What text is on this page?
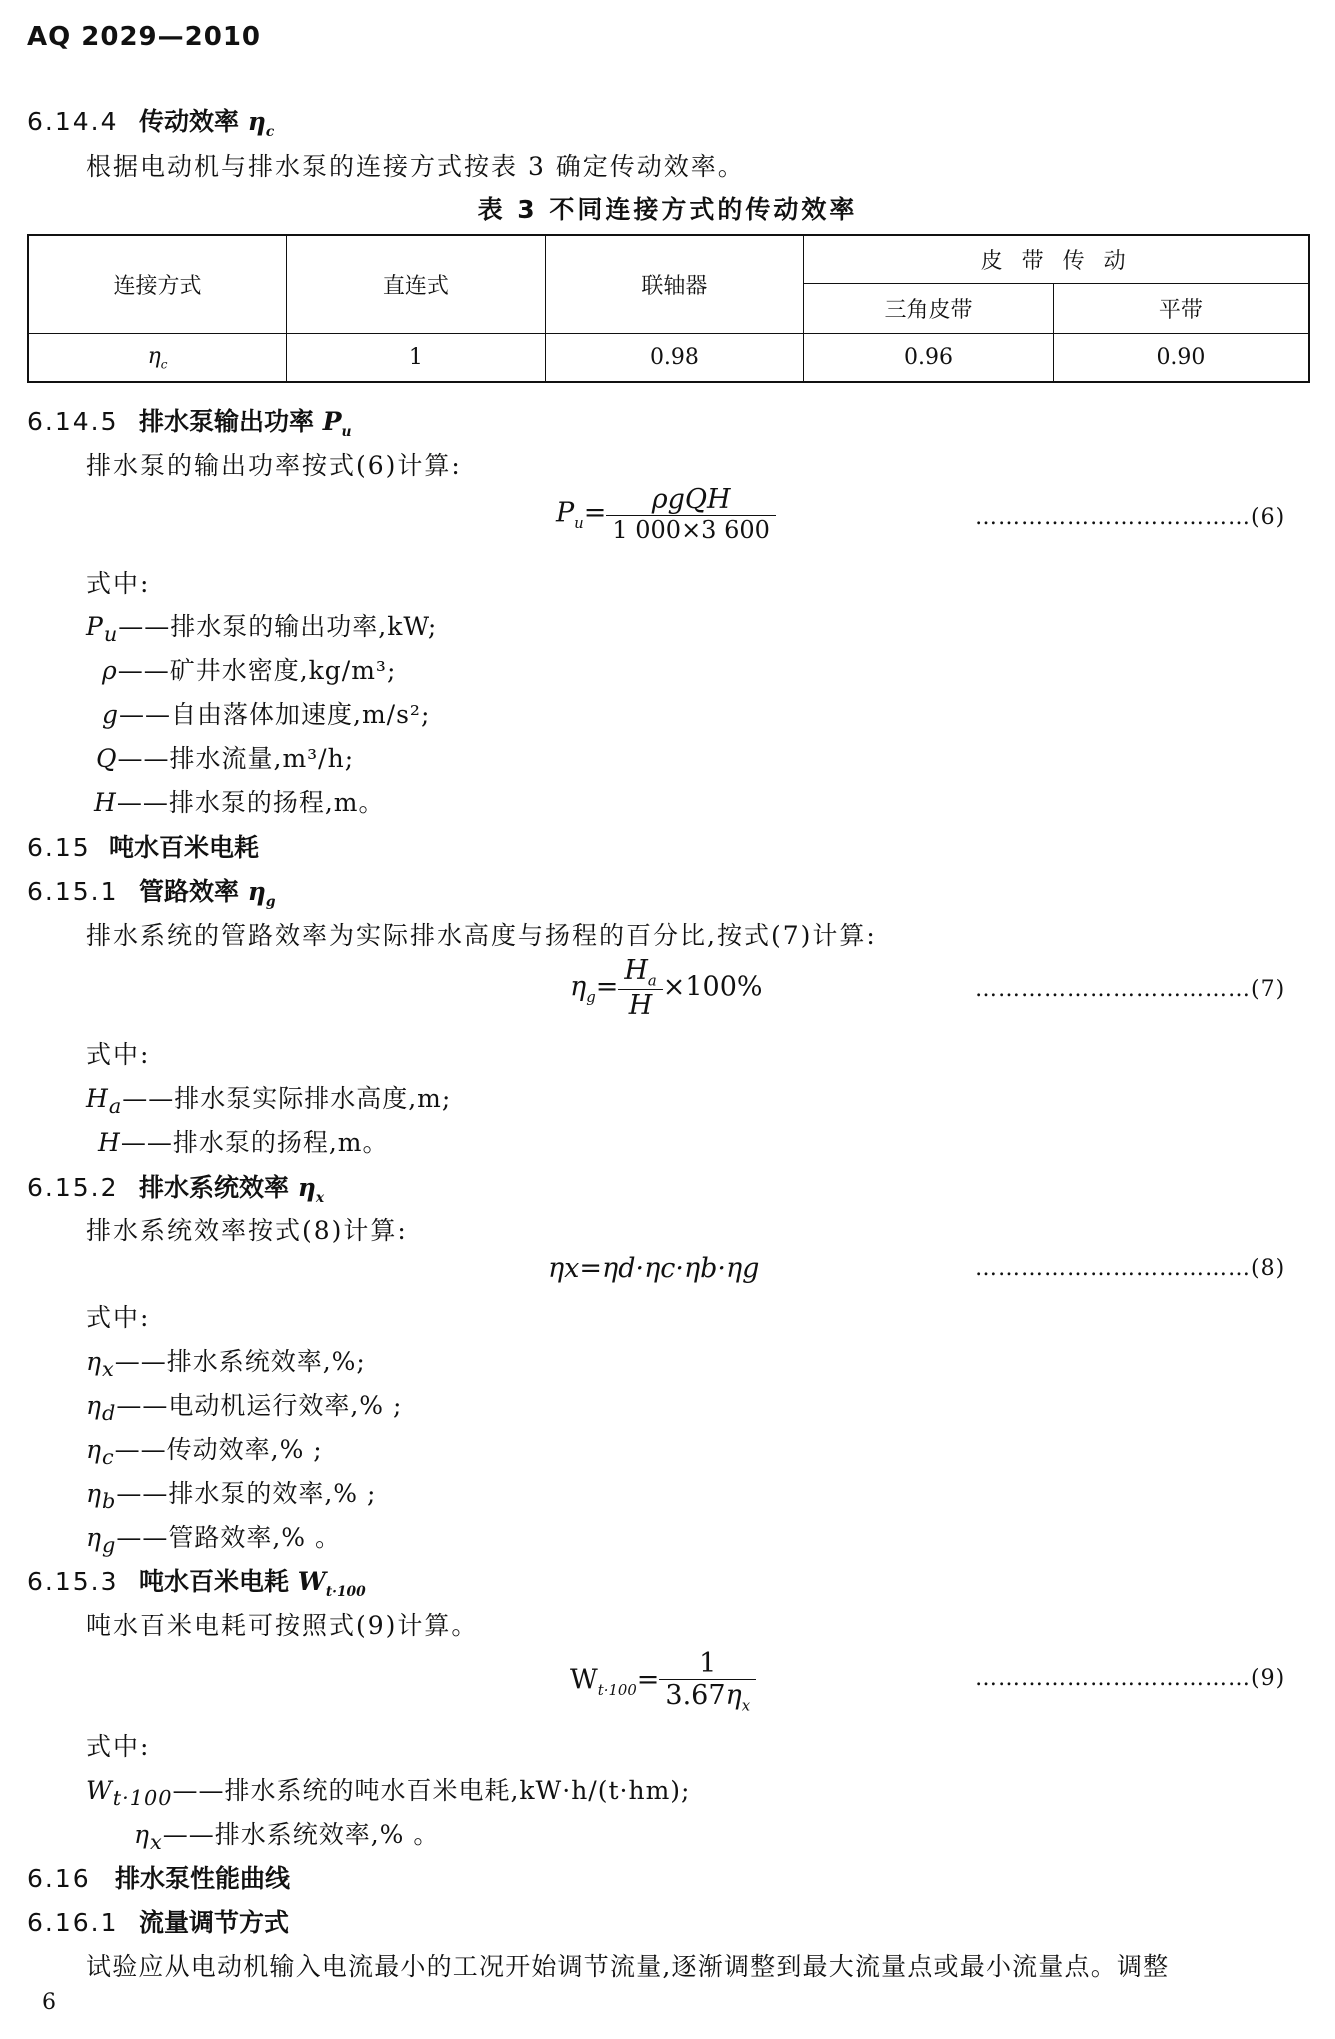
AQ 2029—2010
6.14.4 传动效率 $\eta_c$
根据电动机与排水泵的连接方式按表 3 确定传动效率。
表 3 不同连接方式的传动效率
连接方式	直连式	联轴器	皮 带 传 动	
			三角皮带	平带
$\eta_c$	1	0.98	0.96	0.90
6.14.5 排水泵输出功率 $P_u$
排水泵的输出功率按式(6)计算:
$P_u= \frac{\text{ρgQH}}{1 000\times 3 600}$	………………………………(6)
式中:
$P_u——$排水泵的输出功率,kW;
ρ——矿井水密度,kg/m³;
g——自由落体加速度,m/s²;
Q——排水流量,m³/h;
H——排水泵的扬程,m。
6.15 吨水百米电耗
6.15.1 管路效率 $\eta_g$
排水系统的管路效率为实际排水高度与扬程的百分比,按式(7)计算:
$\eta_g= \frac{H_a}{H} \times 100\%$	………………………………(7)
式中:
$H_a——$排水泵实际排水高度,m;
H——排水泵的扬程,m。
6.15.2 排水系统效率 $\eta_x$
排水系统效率按式(8)计算:
ηx=ηd·ηc·ηb·ηg	………………………………(8)
式中:
$\eta_x——$排水系统效率,%;
$\eta_d——$电动机运行效率,% ;
$\eta_c——$传动效率,% ;
$\eta_b——$排水泵的效率,% ;
$\eta_g——$管路效率,% 。
6.15.3 吨水百米电耗 $W_{t\cdot 100}$
吨水百米电耗可按照式(9)计算。
$W_{t\cdot 100}= \frac{1}{3.67\eta_x}$	………………………………(9)
式中:
$W_{t\cdot 100}——$排水系统的吨水百米电耗,kW·h/(t·hm);
$\eta_x——$排水系统效率,% 。
6.16 排水泵性能曲线
6.16.1 流量调节方式
试验应从电动机输入电流最小的工况开始调节流量,逐渐调整到最大流量点或最小流量点。调整
6
